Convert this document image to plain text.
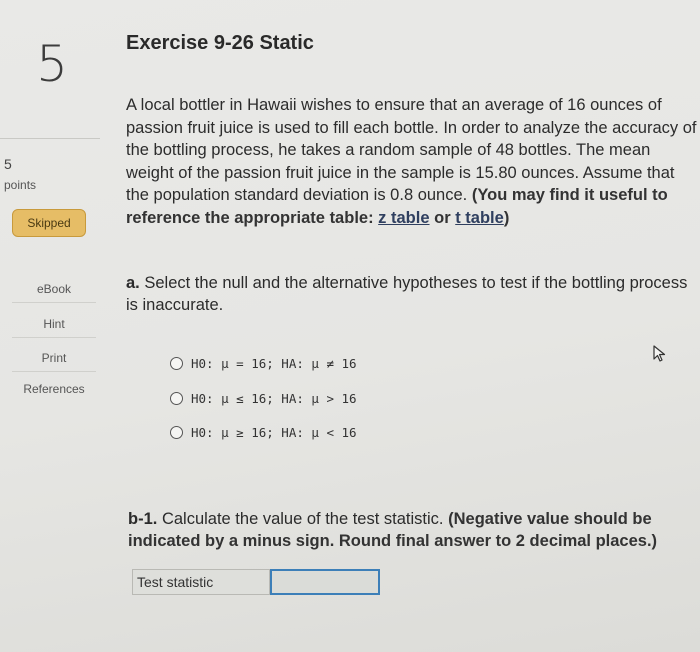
5
5
points
Skipped
eBook
Hint
Print
References
Exercise 9-26 Static
A local bottler in Hawaii wishes to ensure that an average of 16 ounces of passion fruit juice is used to fill each bottle. In order to analyze the accuracy of the bottling process, he takes a random sample of 48 bottles. The mean weight of the passion fruit juice in the sample is 15.80 ounces. Assume that the population standard deviation is 0.8 ounce. (You may find it useful to reference the appropriate table: z table or t table)
a. Select the null and the alternative hypotheses to test if the bottling process is inaccurate.
H0: μ = 16; HA: μ ≠ 16
H0: μ ≤ 16; HA: μ > 16
H0: μ ≥ 16; HA: μ < 16
b-1. Calculate the value of the test statistic. (Negative value should be indicated by a minus sign. Round final answer to 2 decimal places.)
Test statistic
